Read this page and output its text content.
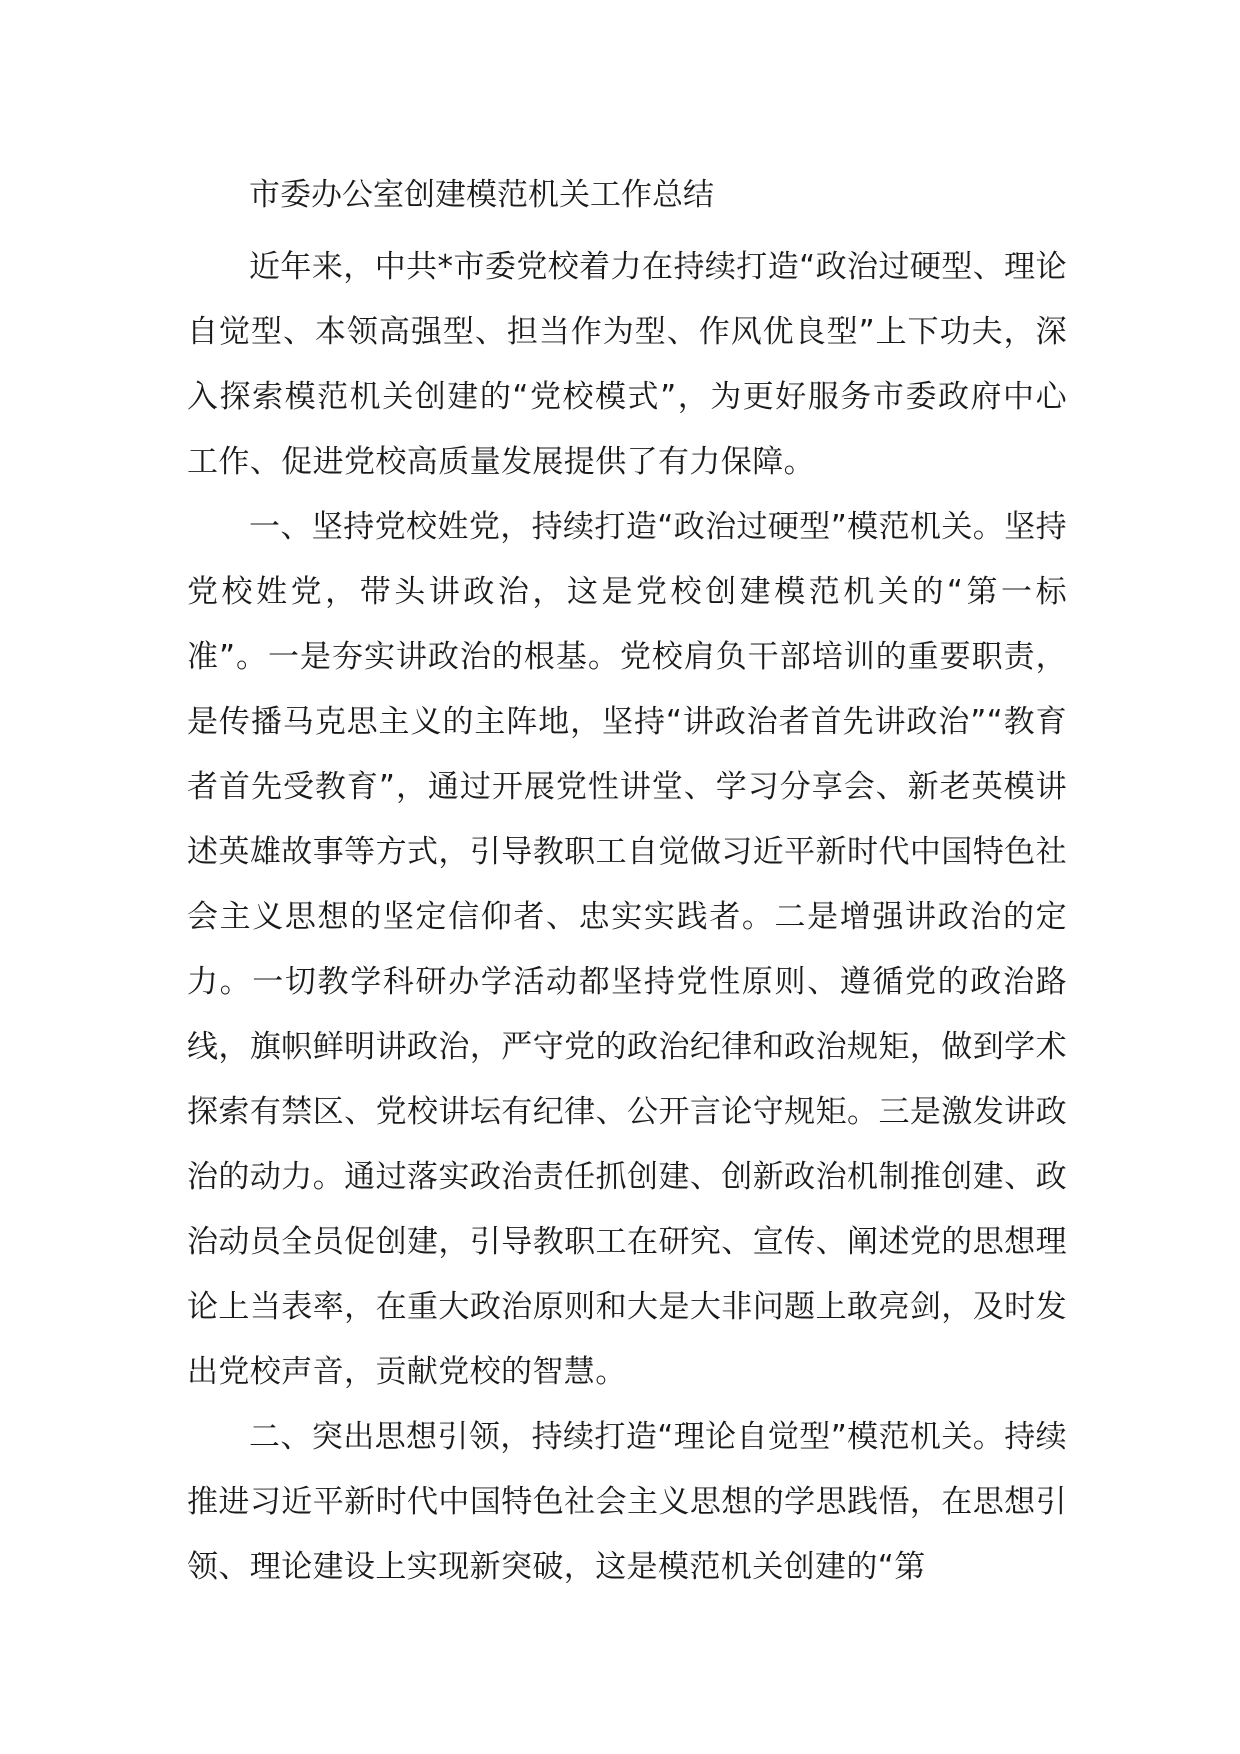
市委办公室创建模范机关工作总结

近年来，中共*市委党校着力在持续打造“政治过硬型、理论自觉型、本领高强型、担当作为型、作风优良型”上下功夫，深入探索模范机关创建的“党校模式”，为更好服务市委政府中心工作、促进党校高质量发展提供了有力保障。

一、坚持党校姓党，持续打造“政治过硬型”模范机关。坚持党校姓党，带头讲政治，这是党校创建模范机关的“第一标准”。一是夯实讲政治的根基。党校肩负干部培训的重要职责，是传播马克思主义的主阵地，坚持“讲政治者首先讲政治”“教育者首先受教育”，通过开展党性讲堂、学习分享会、新老英模讲述英雄故事等方式，引导教职工自觉做习近平新时代中国特色社会主义思想的坚定信仰者、忠实实践者。二是增强讲政治的定力。一切教学科研办学活动都坚持党性原则、遵循党的政治路线，旗帜鲜明讲政治，严守党的政治纪律和政治规矩，做到学术探索有禁区、党校讲坛有纪律、公开言论守规矩。三是激发讲政治的动力。通过落实政治责任抓创建、创新政治机制推创建、政治动员全员促创建，引导教职工在研究、宣传、阐述党的思想理论上当表率，在重大政治原则和大是大非问题上敢亮剑，及时发出党校声音，贡献党校的智慧。

二、突出思想引领，持续打造“理论自觉型”模范机关。持续推进习近平新时代中国特色社会主义思想的学思践悟，在思想引领、理论建设上实现新突破，这是模范机关创建的“第
